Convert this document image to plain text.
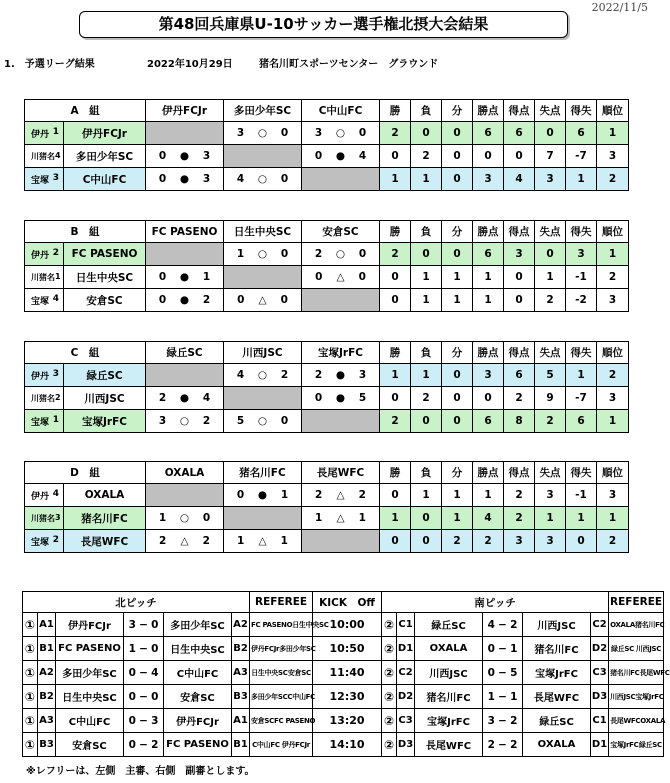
2022/11/5
第48回兵庫県U-10サッカー選手権北摂大会結果
1.　予選リーグ結果	2022年10月29日	猪名川町スポーツセンター　グラウンド
A　組		伊丹FCJr	多田少年SC	C中山FC	勝	負	分	勝点	得点	失点	得失	順位

伊丹 1	伊丹FCJr		3 ○ 0	3 ○ 0	2	0	0	6	6	0	6	1

川猪名 4	多田少年SC	0 ● 3		0 ● 4	0	2	0	0	0	7	-7	3

宝塚 3	C中山FC	0 ● 3	4 ○ 0		1	1	0	3	4	3	1	2
B　組		FC PASENO	日生中央SC	安倉SC	勝	負	分	勝点	得点	失点	得失	順位

伊丹 2	FC PASENO		1 ○ 0	2 ○ 0	2	0	0	6	3	0	3	1

川猪名 1	日生中央SC	0 ● 1		0 △ 0	0	1	1	1	0	1	-1	2

宝塚 4	安倉SC	0 ● 2	0 △ 0		0	1	1	1	0	2	-2	3
C　組		緑丘SC	川西JSC	宝塚JrFC	勝	負	分	勝点	得点	失点	得失	順位

伊丹 3	緑丘SC		4 ○ 2	2 ● 3	1	1	0	3	6	5	1	2

川猪名 2	川西JSC	2 ● 4		0 ● 5	0	2	0	0	2	9	-7	3

宝塚 1	宝塚JrFC	3 ○ 2	5 ○ 0		2	0	0	6	8	2	6	1
D　組		OXALA	猪名川FC	長尾WFC	勝	負	分	勝点	得点	失点	得失	順位

伊丹 4	OXALA		0 ● 1	2 △ 2	0	1	1	1	2	3	-1	3

川猪名 3	猪名川FC	1 ○ 0		1 △ 1	1	0	1	4	2	1	1	1

宝塚 2	長尾WFC	2 △ 2	1 △ 1		0	0	2	2	3	3	0	2
北ピッチ						REFEREE	KICK　Off	南ピッチ						REFEREE
①	A1	伊丹FCJr	3 − 0	多田少年SC	A2	FC PASENO 日生中央SC	10:00	②	C1	緑丘SC	4 − 2	川西JSC	C2	OXALA 猪名川FC

①	B1	FC PASENO	1 − 0	日生中央SC	B2	伊丹FCJr 多田少年SC	10:50	②	D1	OXALA	0 − 1	猪名川FC	D2	緑丘SC 川西JSC

①	A2	多田少年SC	0 − 4	C中山FC	A3	日生中央SC 安倉SC	11:40	②	C2	川西JSC	0 − 5	宝塚JrFC	C3	猪名川FC 長尾WFC

①	B2	日生中央SC	0 − 0	安倉SC	B3	多田少年SC C中山FC	12:30	②	D2	猪名川FC	1 − 1	長尾WFC	D3	川西JSC 宝塚JrFC

①	A3	C中山FC	0 − 3	伊丹FCJr	A1	安倉SC FC PASENO	13:20	②	C3	宝塚JrFC	3 − 2	緑丘SC	C1	長尾WFC OXALA

①	B3	安倉SC	0 − 2	FC PASENO	B1	C中山FC 伊丹FCJr	14:10	②	D3	長尾WFC	2 − 2	OXALA	D1	宝塚JrFC 緑丘SC
※レフリーは、左側　主審、右側　副審とします。
